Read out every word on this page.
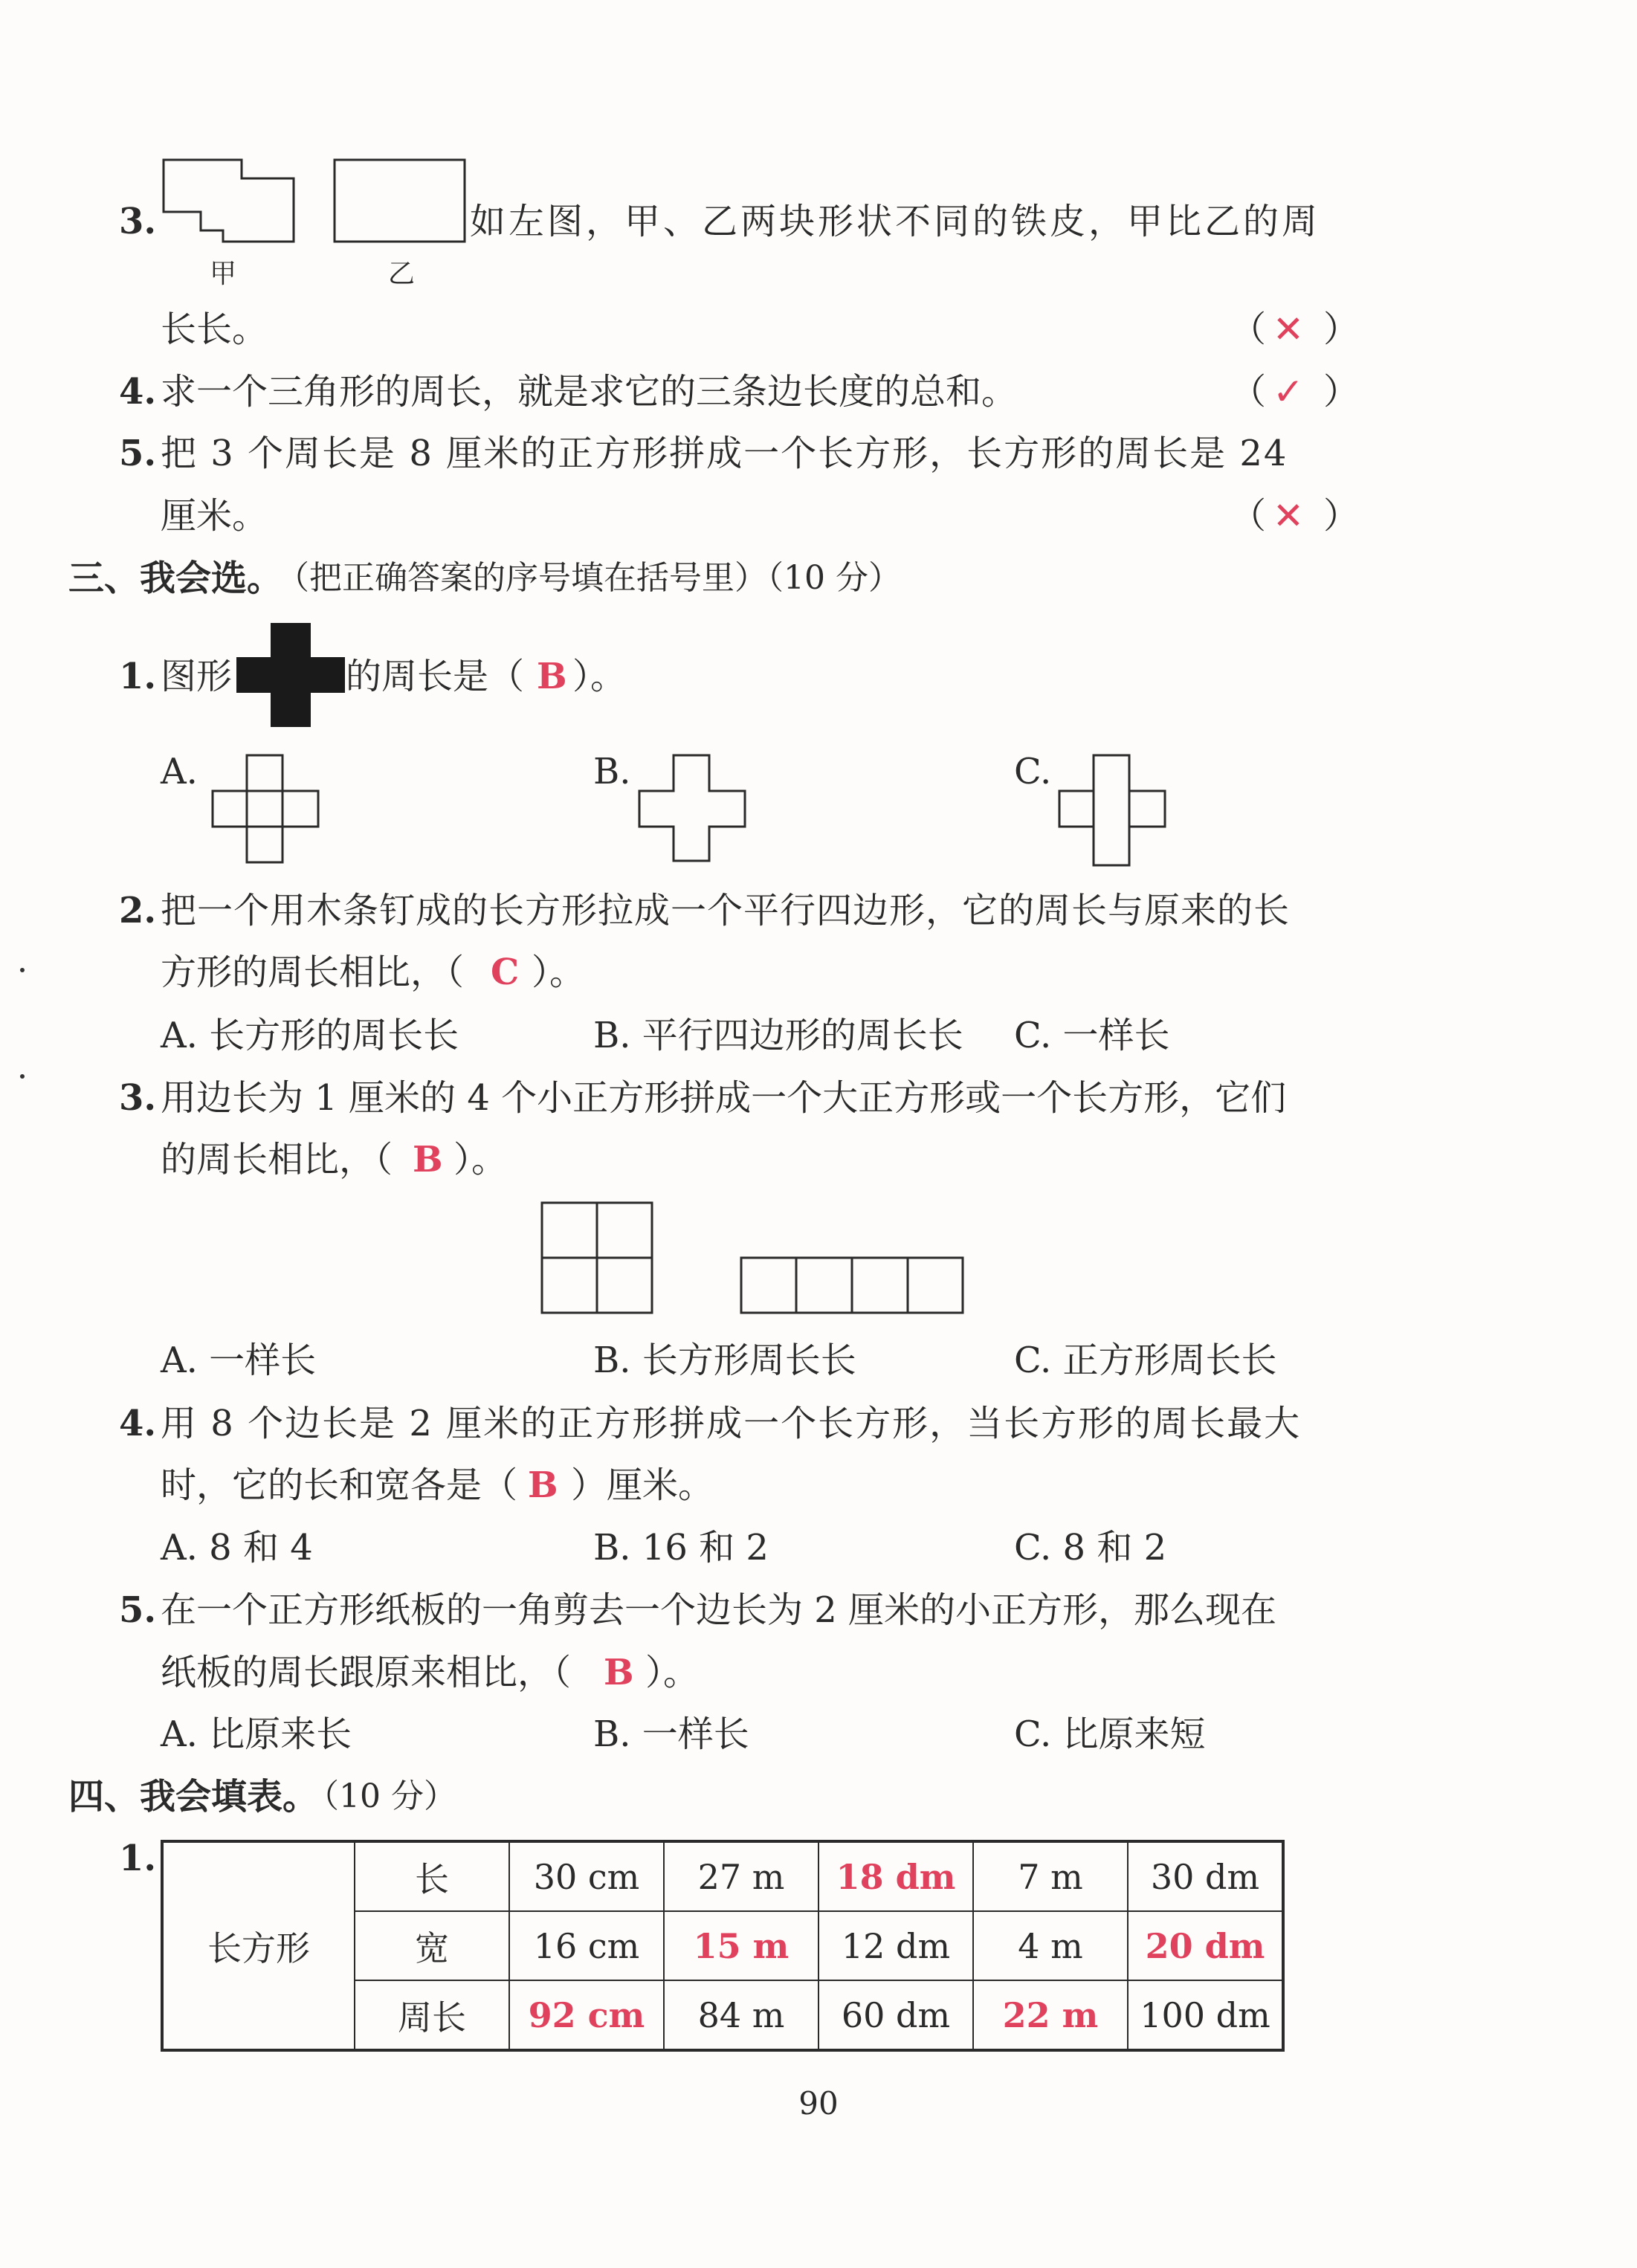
3.
甲	乙
如左图，甲、乙两块形状不同的铁皮，甲比乙的周
长长。	（ ✕ ）
4. 求一个三角形的周长，就是求它的三条边长度的总和。	（ ✓ ）
5. 把 3 个周长是 8 厘米的正方形拼成一个长方形，长方形的周长是 24
厘米。	（ ✕ ）
三、我会选。
（把正确答案的序号填在括号里）（10 分）
1. 图形	的周长是（ B ）。
A.	B.	C.
2. 把一个用木条钉成的长方形拉成一个平行四边形，它的周长与原来的长
方形的周长相比，（ C ）。
A. 长方形的周长长	B. 平行四边形的周长长 C. 一样长
3. 用边长为 1 厘米的 4 个小正方形拼成一个大正方形或一个长方形，它们
的周长相比，（ B ）。
A. 一样长	B. 长方形周长长	C. 正方形周长长
4. 用 8 个边长是 2 厘米的正方形拼成一个长方形，当长方形的周长最大
时，它的长和宽各是（ B ）厘米。
A. 8 和 4	B. 16 和 2	C. 8 和 2
5. 在一个正方形纸板的一角剪去一个边长为 2 厘米的小正方形，那么现在
纸板的周长跟原来相比，（ B ）。
A. 比原来长	B. 一样长	C. 比原来短
四、我会填表。
（10 分）
1.
长方形	长	30 cm	27 m	18 dm	7 m	30 dm
	宽	16 cm	15 m	12 dm	4 m	20 dm
	周长	92 cm	84 m	60 dm	22 m	100 dm
90
